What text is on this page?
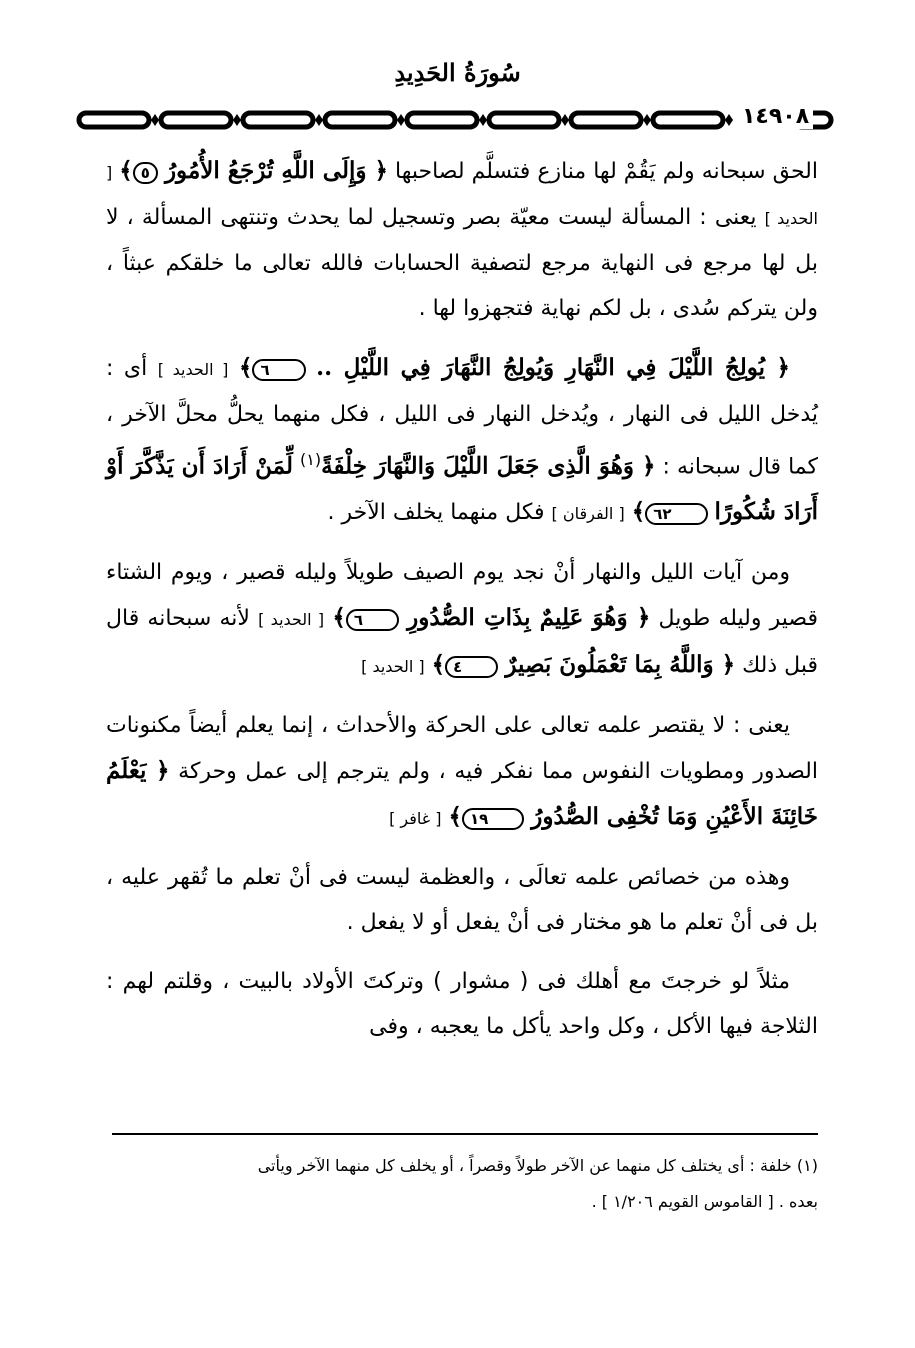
سُورَةُ الحَدِيدِ
١٤٩٠٨

الحق سبحانه ولم يَقُمْ لها منازع فتسلَّم لصاحبها ﴿ وَإِلَى اللَّهِ تُرْجَعُ الأُمُورُ ٥﴾ [ الحديد ] يعنى : المسألة ليست معيّة بصر وتسجيل لما يحدث وتنتهى المسألة ، لا بل لها مرجع فى النهاية مرجع لتصفية الحسابات فالله تعالى ما خلقكم عبثاً ، ولن يتركم سُدى ، بل لكم نهاية فتجهزوا لها .

﴿ يُولِجُ اللَّيْلَ فِي النَّهَارِ وَيُولِجُ النَّهَارَ فِي اللَّيْلِ .. ٦﴾ [ الحديد ] أى : يُدخل الليل فى النهار ، ويُدخل النهار فى الليل ، فكل منهما يحلُّ محلَّ الآخر ، كما قال سبحانه : ﴿ وَهُوَ الَّذِى جَعَلَ اللَّيْلَ وَالنَّهَارَ خِلْفَةً$^{(١)}$ لِّمَنْ أَرَادَ أَن يَذَّكَّرَ أَوْ أَرَادَ شُكُورًا ٦٢﴾ [ الفرقان ] فكل منهما يخلف الآخر .

ومن آيات الليل والنهار أنْ نجد يوم الصيف طويلاً وليله قصير ، ويوم الشتاء قصير وليله طويل ﴿ وَهُوَ عَلِيمٌ بِذَاتِ الصُّدُورِ ٦﴾ [ الحديد ] لأنه سبحانه قال قبل ذلك ﴿ وَاللَّهُ بِمَا تَعْمَلُونَ بَصِيرٌ ٤﴾ [ الحديد ]

يعنى : لا يقتصر علمه تعالى على الحركة والأحداث ، إنما يعلم أيضاً مكنونات الصدور ومطويات النفوس مما نفكر فيه ، ولم يترجم إلى عمل وحركة ﴿ يَعْلَمُ خَائِنَةَ الأَعْيُنِ وَمَا تُخْفِى الصُّدُورُ ١٩﴾ [ غافر ]

وهذه من خصائص علمه تعالَى ، والعظمة ليست فى أنْ تعلم ما تُقهر عليه ، بل فى أنْ تعلم ما هو مختار فى أنْ يفعل أو لا يفعل .

مثلاً لو خرجتَ مع أهلك فى ( مشوار ) وتركتَ الأولاد بالبيت ، وقلتم لهم : الثلاجة فيها الأكل ، وكل واحد يأكل ما يعجبه ، وفى

(١) خلفة : أى يختلف كل منهما عن الآخر طولاً وقصراً ، أو يخلف كل منهما الآخر ويأتى

بعده . [ القاموس القويم ١/٢٠٦ ] .
